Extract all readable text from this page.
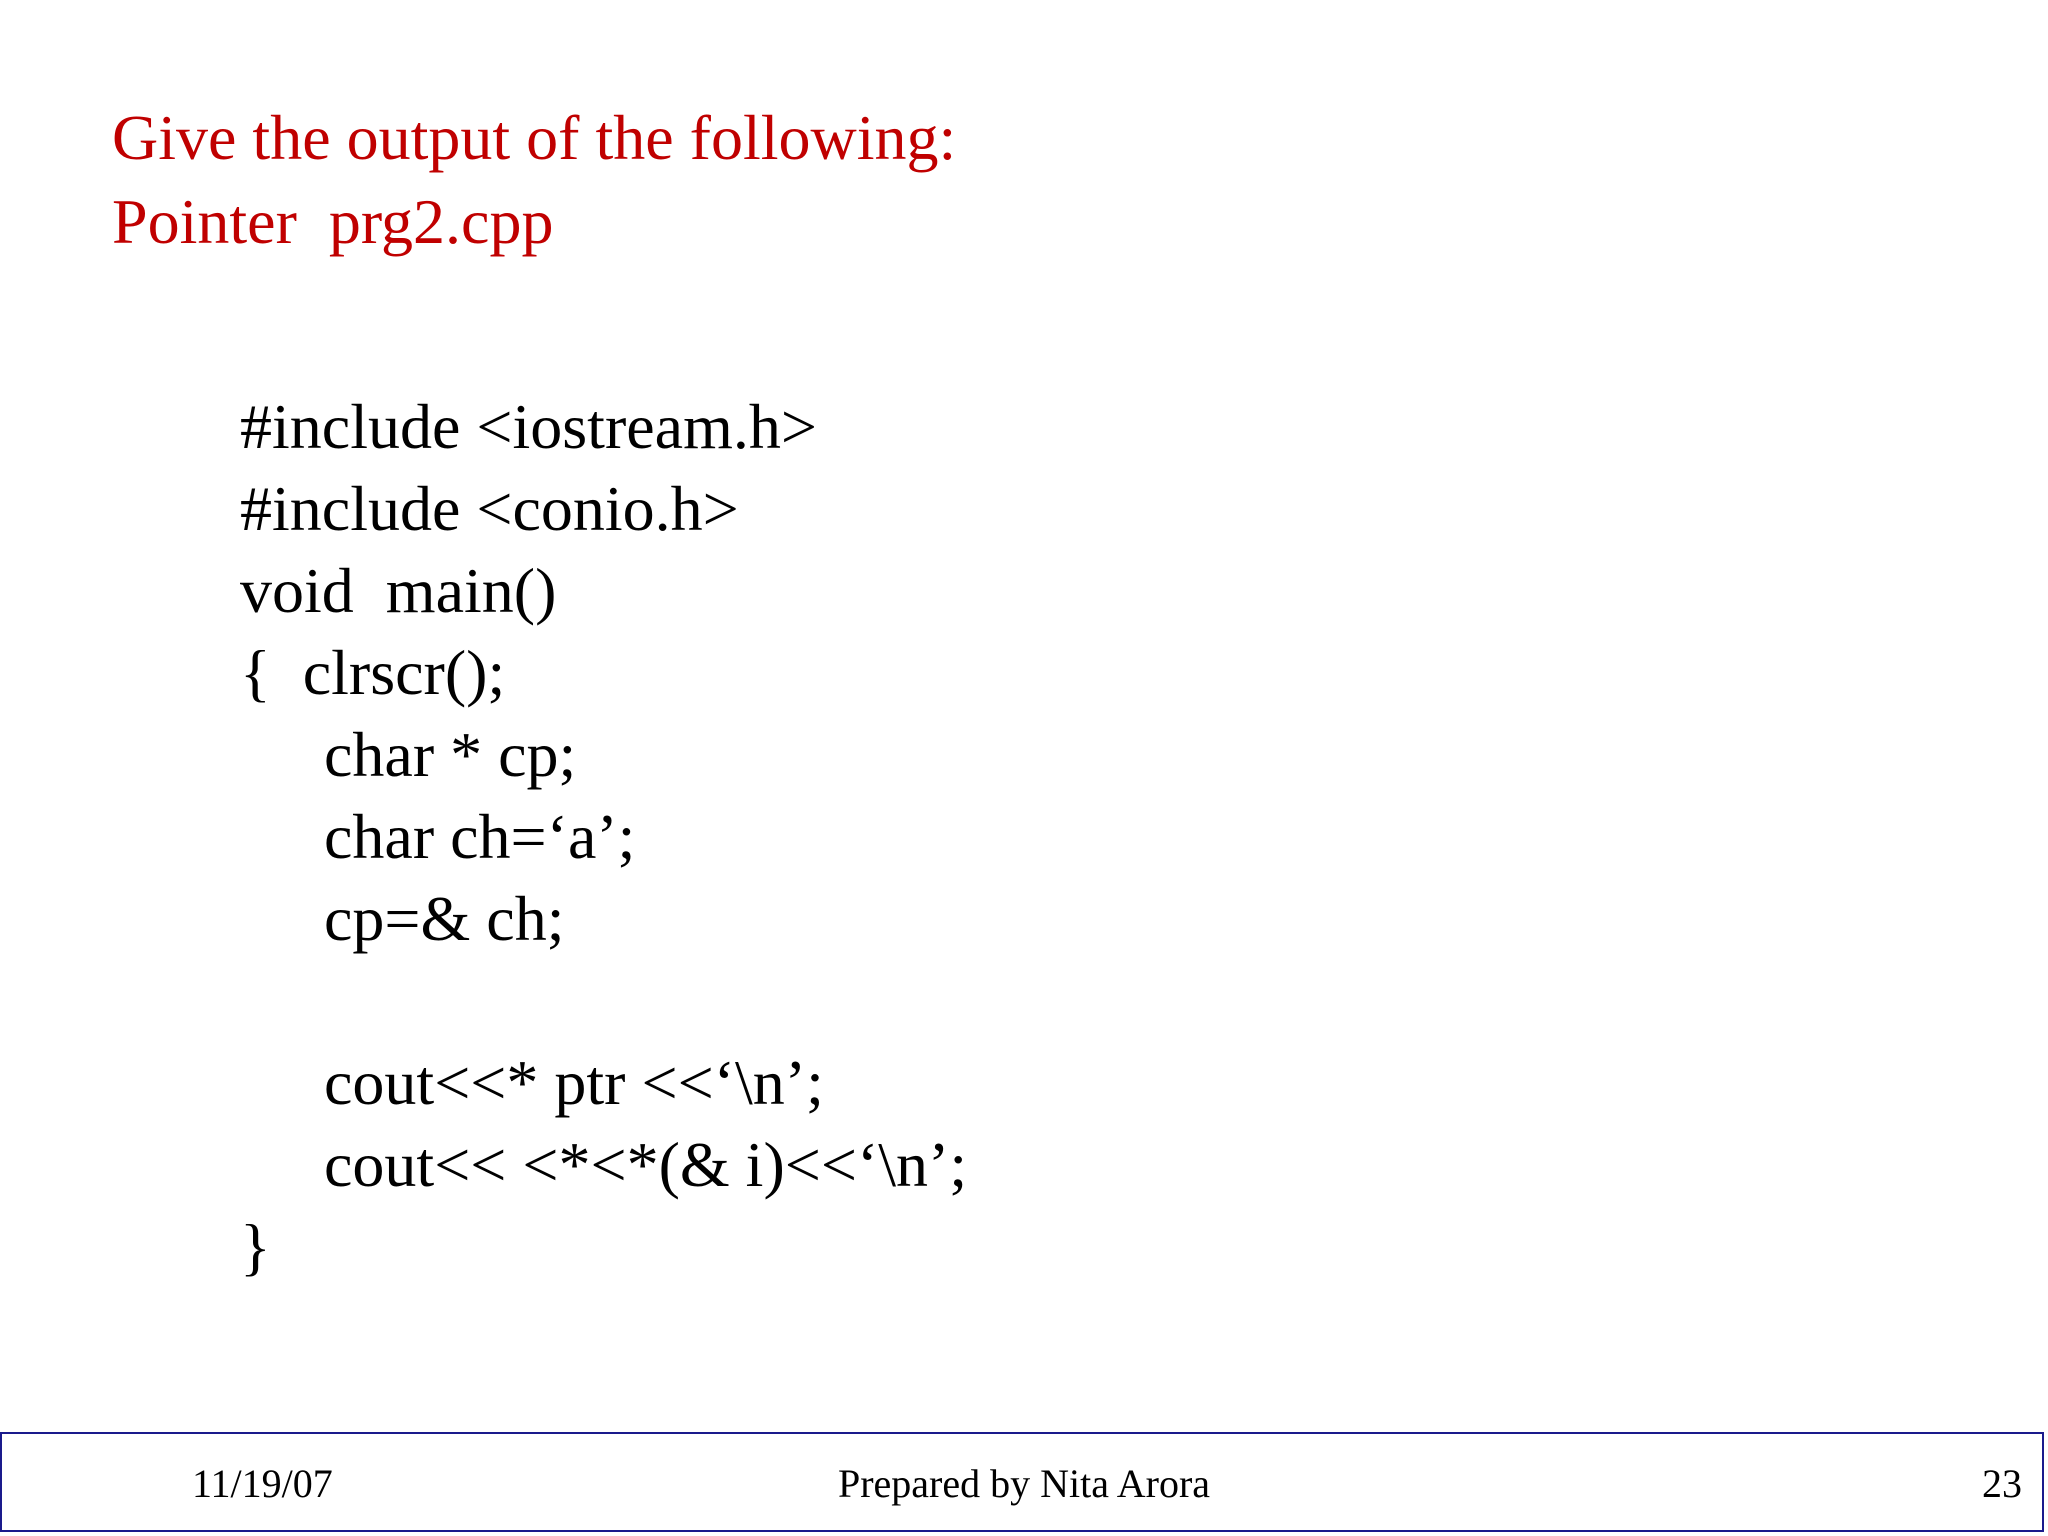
Give the output of the following:
Pointer  prg2.cpp
#include <iostream.h>
#include <conio.h>
void  main()
{  clrscr();
char * cp;
char ch=‘a’;
cp=& ch;
cout<<* ptr <<‘\n’;
cout<< <*<*(& i)<<‘\n’;
}
11/19/07	Prepared by Nita Arora	23
